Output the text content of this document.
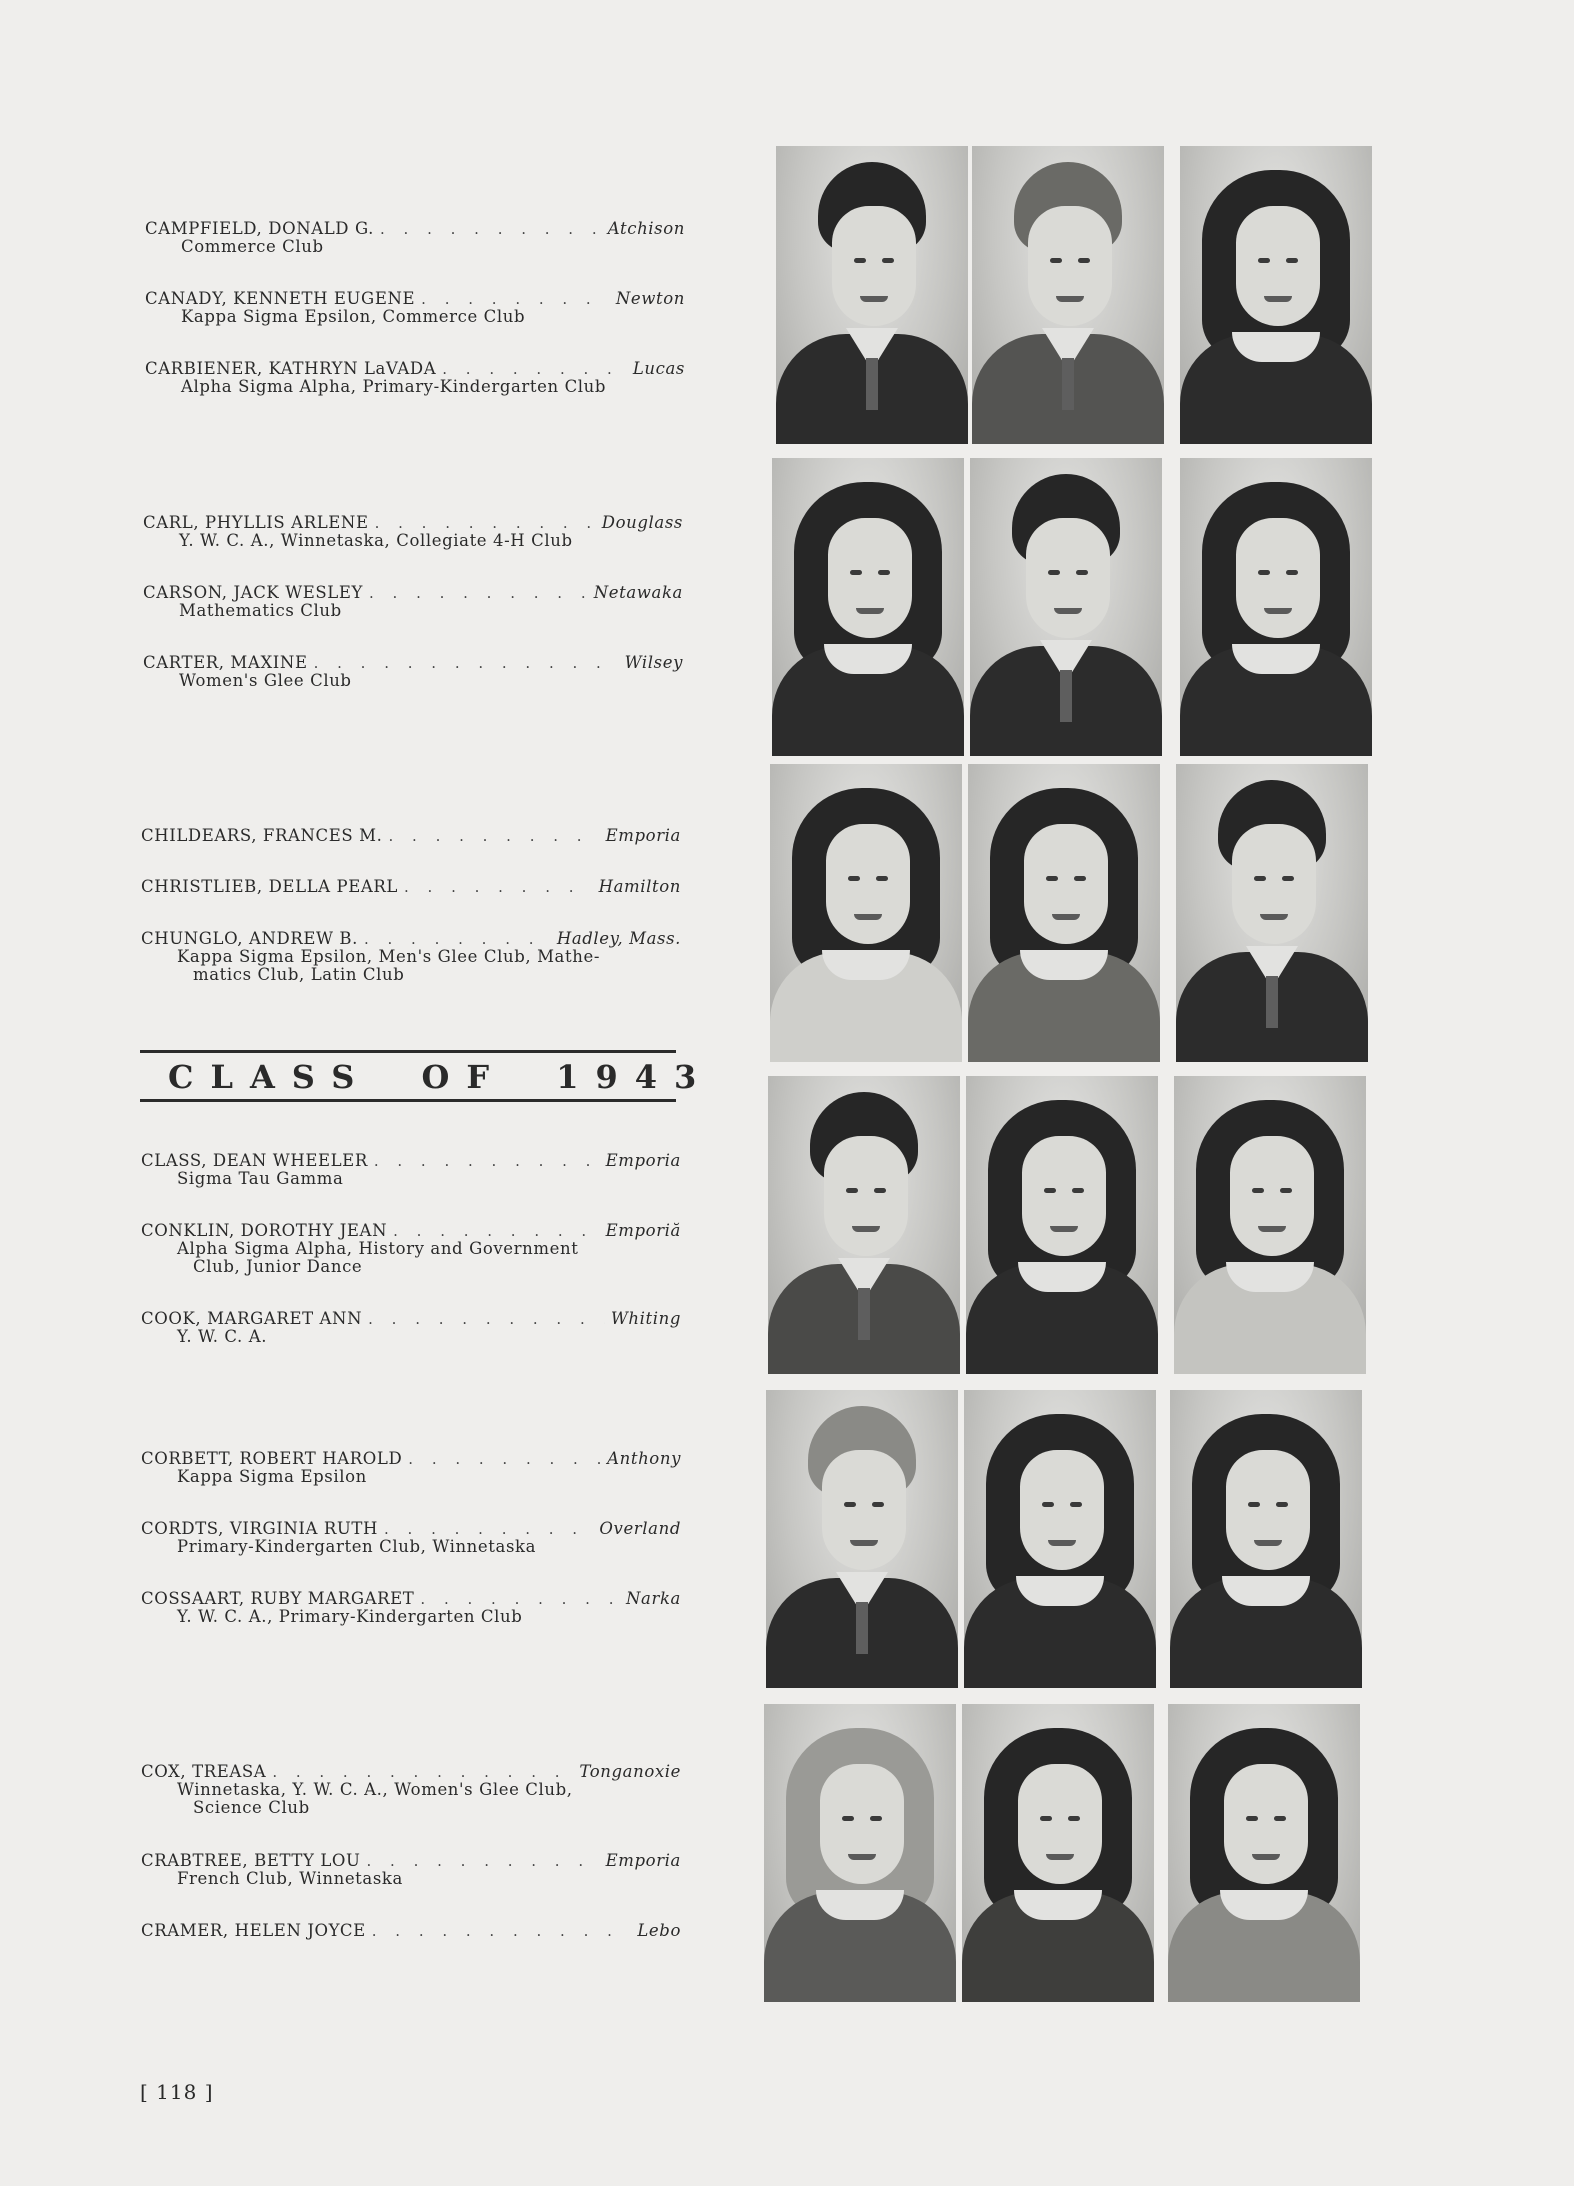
CAMPFIELD, DONALD G. . . .	Atchison
Commerce Club
CANADY, KENNETH EUGENE . . .	Newton
Kappa Sigma Epsilon, Commerce Club
CARBIENER, KATHRYN LaVADA . . .	Lucas
Alpha Sigma Alpha, Primary-Kindergarten Club
CARL, PHYLLIS ARLENE . . .	Douglass
Y. W. C. A., Winnetaska, Collegiate 4-H Club
CARSON, JACK WESLEY . . .	Netawaka
Mathematics Club
CARTER, MAXINE . . .	Wilsey
Women's Glee Club
CHILDEARS, FRANCES M. . . .	Emporia
CHRISTLIEB, DELLA PEARL . . .	Hamilton
CHUNGLO, ANDREW B. . . .	Hadley, Mass.
Kappa Sigma Epsilon, Men's Glee Club, Mathe-
matics Club, Latin Club
CLASS OF 1943
CLASS, DEAN WHEELER . . .	Emporia
Sigma Tau Gamma
CONKLIN, DOROTHY JEAN . . .	Emporiă
Alpha Sigma Alpha, History and Government
Club, Junior Dance
COOK, MARGARET ANN . . .	Whiting
Y. W. C. A.
CORBETT, ROBERT HAROLD . . .	Anthony
Kappa Sigma Epsilon
CORDTS, VIRGINIA RUTH . . .	Overland
Primary-Kindergarten Club, Winnetaska
COSSAART, RUBY MARGARET . . .	Narka
Y. W. C. A., Primary-Kindergarten Club
COX, TREASA . . .	Tonganoxie
Winnetaska, Y. W. C. A., Women's Glee Club,
Science Club
CRABTREE, BETTY LOU . . .	Emporia
French Club, Winnetaska
CRAMER, HELEN JOYCE . . .	Lebo
[ 118 ]
